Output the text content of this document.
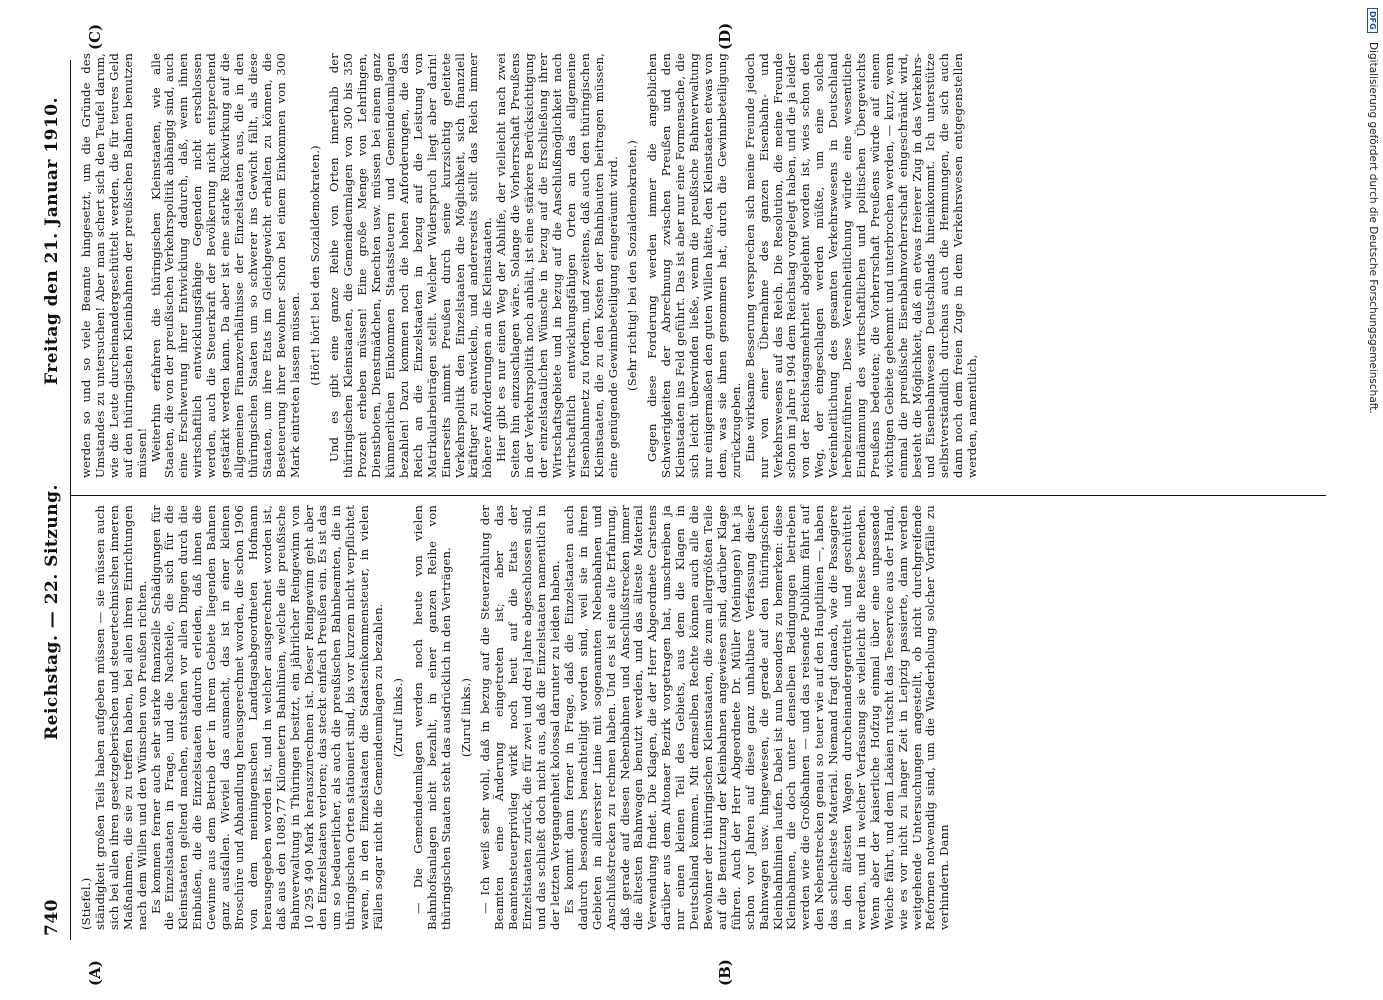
740
Reichstag. — 22. Sitzung.
Freitag den 21. Januar 1910.
(A)	(B)
(C)	(D)

(Stiefel.) ständigkeit großen Teils haben aufgeben müssen — sie müssen auch sich bei allen ihren gesetzgeberischen und steuertechnischen inneren Maßnahmen, die sie zu treffen haben, bei allen ihren Einrichtungen nach dem Willen und den Wünschen von Preußen richten. Es kommen ferner auch sehr starke finanzielle Schädigungen für die Einzelstaaten in Frage, und die Nachteile, die sich für die Kleinstaaten geltend machen, entstehen vor allen Dingen durch die Einbußen, die die Einzelstaaten dadurch erleiden, daß ihnen die Gewinne aus dem Betrieb der in ihrem Gebiete liegenden Bahnen ganz ausfallen. Wieviel das ausmacht, das ist in einer kleinen Broschüre und Abhandlung herausgerechnet worden, die schon 1906 von dem meiningenschen Landtagsabgeordneten Hofmann herausgegeben worden ist, und in welcher ausgerechnet worden ist, daß aus den 1089,77 Kilometern Bahnlinien, welche die preußische Bahnverwaltung in Thüringen besitzt, ein jährlicher Reingewinn von 10 295 490 Mark herauszurechnen ist. Dieser Reingewinn geht aber den Einzelstaaten verloren; das steckt einfach Preußen ein. Es ist das um so bedauerlicher, als auch die preußischen Bahnbeamten, die in thüringischen Orten stationiert sind, bis vor kurzem nicht verpflichtet waren, in den Einzelstaaten die Staatseinkommensteuer, in vielen Fällen sogar nicht die Gemeindeumlagen zu bezahlen. (Zuruf links.) — Die Gemeindeumlagen werden noch heute von vielen Bahnhofsanlagen nicht bezahlt, in einer ganzen Reihe von thüringischen Staaten steht das ausdrücklich in den Verträgen. (Zuruf links.) — Ich weiß sehr wohl, daß in bezug auf die Steuerzahlung der Beamten eine Änderung eingetreten ist; aber das Beamtensteuerprivileg wirkt noch heut auf die Etats der Einzelstaaten zurück, die für zwei und drei Jahre abgeschlossen sind, und das schließt doch nicht aus, daß die Einzelstaaten namentlich in der letzten Vergangenheit kolossal darunter zu leiden haben. Es kommt dann ferner in Frage, daß die Einzelstaaten auch dadurch besonders benachteiligt worden sind, weil sie in ihren Gebieten in allererster Linie mit sogenannten Nebenbahnen und Anschlußstrecken zu rechnen haben. Und es ist eine alte Erfahrung, daß gerade auf diesen Nebenbahnen und Anschlußstrecken immer die ältesten Bahnwagen benutzt werden, und das älteste Material Verwendung findet. Die Klagen, die der Herr Abgeordnete Carstens darüber aus dem Altonaer Bezirk vorgetragen hat, umschreiben ja nur einen kleinen Teil des Gebiets, aus dem die Klagen in Deutschland kommen. Mit demselben Rechte können auch alle die Bewohner der thüringischen Kleinstaaten, die zum allergrößten Teile auf die Benutzung der Kleinbahnen angewiesen sind, darüber Klage führen. Auch der Herr Abgeordnete Dr. Müller (Meiningen) hat ja schon vor Jahren auf diese ganz unhaltbare Verfassung dieser Bahnwagen usw. hingewiesen, die gerade auf den thüringischen Kleinbahnlinien laufen. Dabei ist nun besonders zu bemerken: diese Kleinbahnen, die doch unter denselben Bedingungen betrieben werden wie die Großbahnen — und das reisende Publikum fährt auf den Nebenstrecken genau so teuer wie auf den Hauptlinien —, haben das schlechteste Material. Niemand fragt danach, wie die Passagiere in den ältesten Wagen durcheinandergerüttelt und geschüttelt werden, und in welcher Verfassung sie vielleicht die Reise beenden. Wenn aber der kaiserliche Hofzug einmal über eine unpassende Weiche fährt, und dem Lakaien rutscht das Teeservice aus der Hand, wie es vor nicht zu langer Zeit in Leipzig passierte, dann werden weitgehende Untersuchungen angestellt, ob nicht durchgreifende Reformen notwendig sind, um die Wiederholung solcher Vorfälle zu verhindern. Dann

werden so und so viele Beamte hingesetzt, um die Gründe des Umstandes zu untersuchen! Aber man schert sich den Teufel darum, wie die Leute durcheinandergeschüttelt werden, die für teures Geld auf den thüringischen Kleinbahnen der preußischen Bahnen benutzen müssen! Weiterhin erfahren die thüringischen Kleinstaaten, wie alle Staaten, die von der preußischen Verkehrspolitik abhängig sind, auch eine Erschwerung ihrer Entwicklung dadurch, daß, wenn ihnen wirtschaftlich entwicklungsfähige Gegenden nicht erschlossen werden, auch die Steuerkraft der Bevölkerung nicht entsprechend gestärkt werden kann. Da aber ist eine starke Rückwirkung auf die allgemeinen Finanzverhältnisse der Einzelstaaten aus, die in den thüringischen Staaten um so schwerer ins Gewicht fällt, als diese Staaten, um ihre Etats im Gleichgewicht erhalten zu können, die Besteuerung ihrer Bewohner schon bei einem Einkommen von 300 Mark eintreten lassen müssen. (Hört! hört! bei den Sozialdemokraten.) Und es gibt eine ganze Reihe von Orten innerhalb der thüringischen Kleinstaaten, die Gemeindeumlagen von 300 bis 350 Prozent erheben müssen! Eine große Menge von Lehrlingen, Dienstboten, Dienstmädchen, Knechten usw. müssen bei einem ganz kümmerlichen Einkommen Staatssteuern und Gemeindeumlagen bezahlen! Dazu kommen noch die hohen Anforderungen, die das Reich an die Einzelstaaten in bezug auf die Leistung von Matrikularbeiträgen stellt. Welcher Widerspruch liegt aber darin! Einerseits nimmt Preußen durch seine kurzsichtig geleitete Verkehrspolitik den Einzelstaaten die Möglichkeit, sich finanziell kräftiger zu entwickeln, und andererseits stellt das Reich immer höhere Anforderungen an die Kleinstaaten. Hier gibt es nur einen Weg der Abhilfe, der vielleicht nach zwei Seiten hin einzuschlagen wäre. Solange die Vorherrschaft Preußens in der Verkehrspolitik noch anhält, ist eine stärkere Berücksichtigung der einzelstaatlichen Wünsche in bezug auf die Erschließung ihrer Wirtschaftsgebiete und in bezug auf die Anschlußmöglichkeit nach wirtschaftlich entwicklungsfähigen Orten an das allgemeine Eisenbahnnetz zu fordern, und zweitens, daß auch den thüringischen Kleinstaaten, die zu den Kosten der Bahnbauten beitragen müssen, eine genügende Gewinnbeteiligung eingeräumt wird. (Sehr richtig! bei den Sozialdemokraten.) Gegen diese Forderung werden immer die angeblichen Schwierigkeiten der Abrechnung zwischen Preußen und den Kleinstaaten ins Feld geführt. Das ist aber nur eine Formensache, die sich leicht überwinden ließe, wenn die preußische Bahnverwaltung nur einigermaßen den guten Willen hätte, den Kleinstaaten etwas von dem, was sie ihnen genommen hat, durch die Gewinnbeteiligung zurückzugeben. Eine wirksame Besserung versprechen sich meine Freunde jedoch nur von einer Übernahme des ganzen Eisenbahn- und Verkehrswesens auf das Reich. Die Resolution, die meine Freunde schon im Jahre 1904 dem Reichstag vorgelegt haben, und die ja leider von der Reichstagsmehrheit abgelehnt worden ist, wies schon den Weg, der eingeschlagen werden müßte, um eine solche Vereinheitlichung des gesamten Verkehrswesens in Deutschland herbeizuführen. Diese Vereinheitlichung würde eine wesentliche Eindämmung des wirtschaftlichen und politischen Übergewichts Preußens bedeuten; die Vorherrschaft Preußens würde auf einem wichtigen Gebiete gehemmt und unterbrochen werden, — kurz, wenn einmal die preußische Eisenbahnvorherrschaft eingeschränkt wird, besteht die Möglichkeit, daß ein etwas freierer Zug in das Verkehrs- und Eisenbahnwesen Deutschlands hineinkommt. Ich unterstütze selbstverständlich durchaus auch die Hemmungen, die sich auch dann noch dem freien Zuge in dem Verkehrswesen entgegenstellen werden, namentlich,

DFG Digitalisierung gefördert durch die Deutsche Forschungsgemeinschaft.
